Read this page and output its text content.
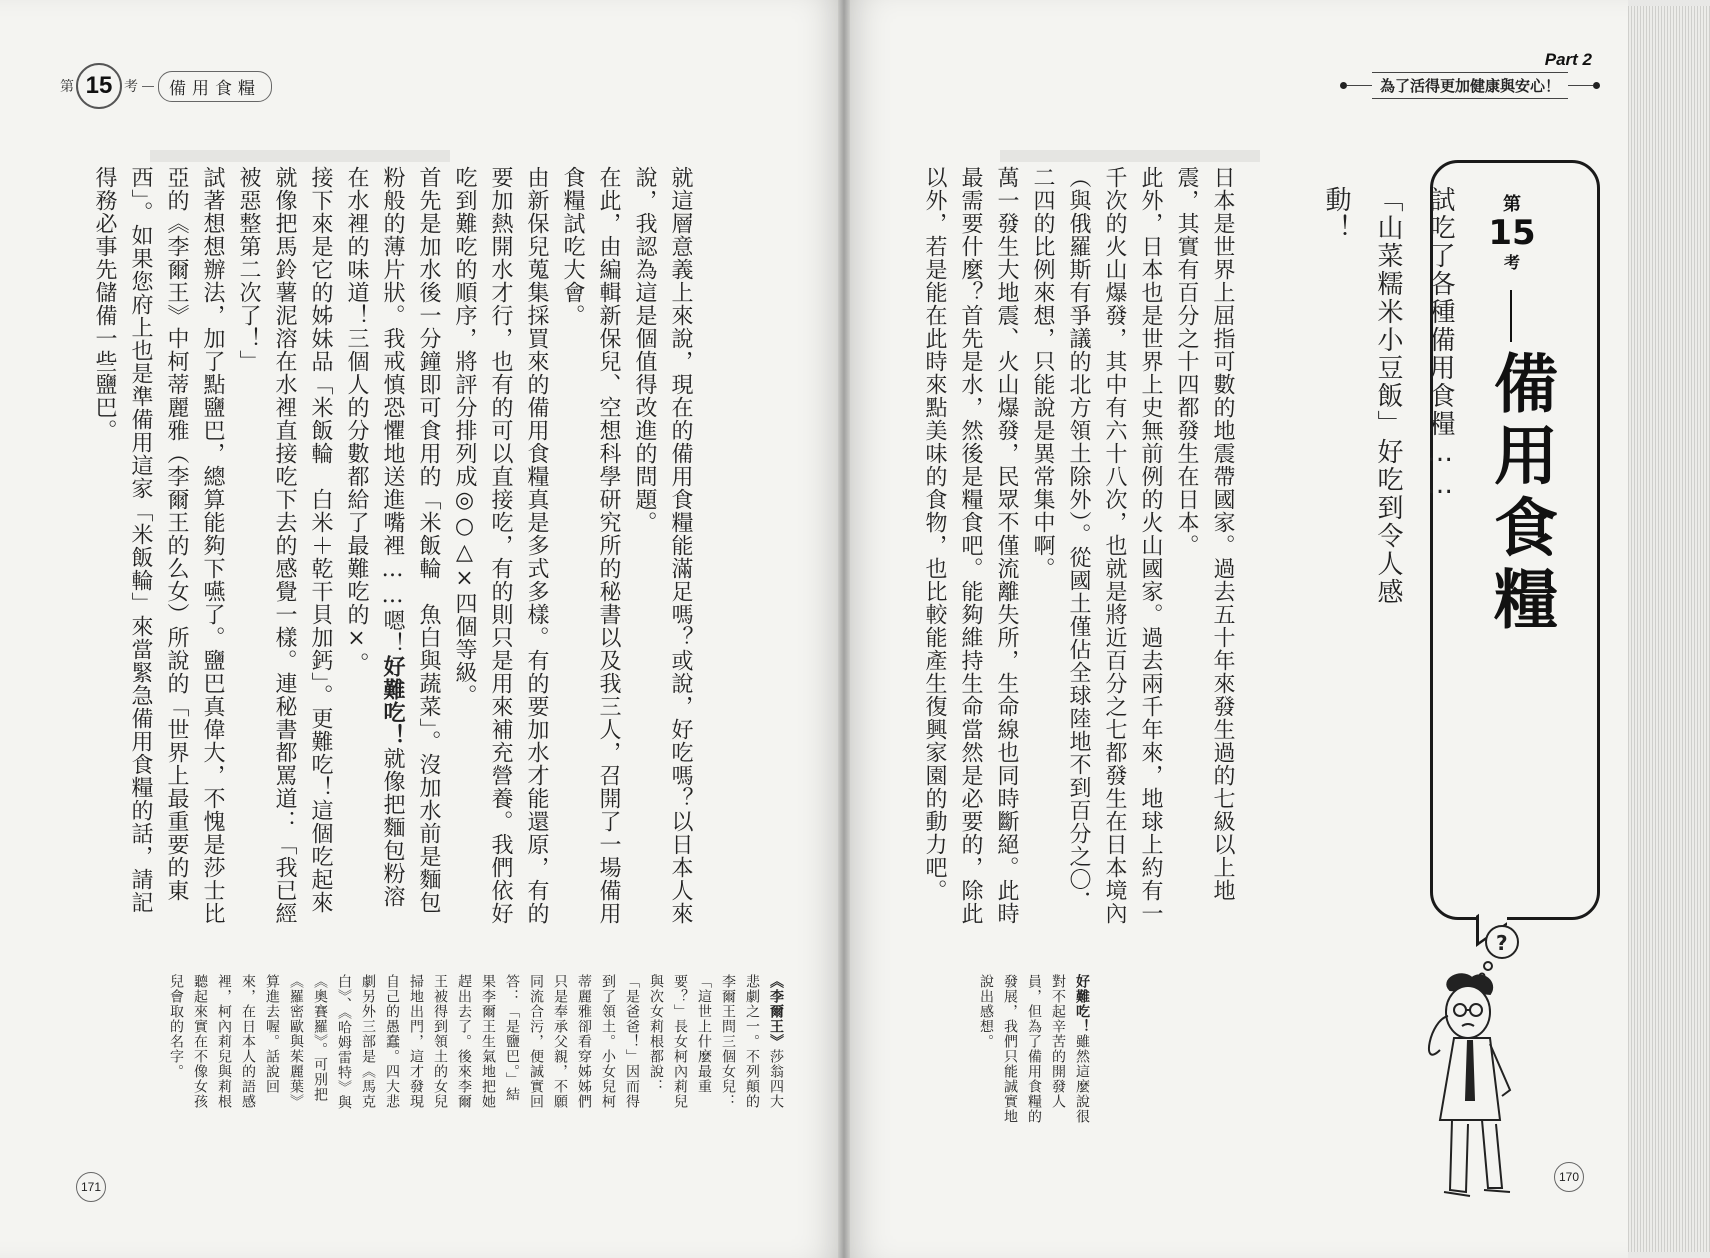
第 15 考	備用食糧
Part 2
為了活得更加健康與安心！
第
15
考
備用食糧

試吃了各種備用食糧……

「山菜糯米小豆飯」好吃到令人感動！

日本是世界上屈指可數的地震帶國家。過去五十年來發生過的七級以上地震，其實有百分之十四都發生在日本。

此外，日本也是世界上史無前例的火山國家。過去兩千年來，地球上約有一千次的火山爆發，其中有六十八次，也就是將近百分之七都發生在日本境內（與俄羅斯有爭議的北方領土除外）。從國土僅佔全球陸地不到百分之〇．二四的比例來想，只能說是異常集中啊。

萬一發生大地震、火山爆發，民眾不僅流離失所，生命線也同時斷絕。此時最需要什麼？首先是水，然後是糧食吧。能夠維持生命當然是必要的，除此以外，若是能在此時來點美味的食物，也比較能產生復興家園的動力吧。

就這層意義上來說，現在的備用食糧能滿足嗎？或說，好吃嗎？以日本人來說，我認為這是個值得改進的問題。

在此，由編輯新保兒、空想科學研究所的秘書以及我三人，召開了一場備用食糧試吃大會。

由新保兒蒐集採買來的備用食糧真是多式多樣。有的要加水才能還原，有的要加熱開水才行，也有的可以直接吃，有的則只是用來補充營養。我們依好吃到難吃的順序，將評分排列成◎○△×四個等級。

首先是加水後一分鐘即可食用的「米飯輪　魚白與蔬菜」。沒加水前是麵包粉般的薄片狀。我戒慎恐懼地送進嘴裡……嗯！好難吃！就像把麵包粉溶在水裡的味道！三個人的分數都給了最難吃的×。

接下來是它的姊妹品「米飯輪　白米＋乾干貝加鈣」。更難吃！這個吃起來就像把馬鈴薯泥溶在水裡直接吃下去的感覺一樣。連秘書都罵道：「我已經被惡整第二次了！」

試著想想辦法，加了點鹽巴，總算能夠下嚥了。鹽巴真偉大，不愧是莎士比亞的《李爾王》中柯蒂麗雅（李爾王的么女）所說的「世界上最重要的東西」。如果您府上也是準備用這家「米飯輪」來當緊急備用食糧的話，請記得務必事先儲備一些鹽巴。

《李爾王》莎翁四大悲劇之一。不列顛的李爾王問三個女兒：「這世上什麼最重要？」長女柯內莉兒與次女莉根都說：「是爸爸！」因而得到了領土。小女兒柯蒂麗雅卻看穿姊姊們只是奉承父親，不願同流合污，便誠實回答：「是鹽巴。」結果李爾王生氣地把她趕出去了。後來李爾王被得到領土的女兒掃地出門，這才發現自己的愚蠢。四大悲劇另外三部是《馬克白》、《哈姆雷特》與《奧賽羅》。可別把《羅密歐與茱麗葉》算進去喔。話說回來，在日本人的語感裡，柯內莉兒與莉根聽起來實在不像女孩兒會取的名字。	好難吃！雖然這麼說很對不起辛苦的開發人員，但為了備用食糧的發展，我們只能誠實地說出感想。

?
171
170
